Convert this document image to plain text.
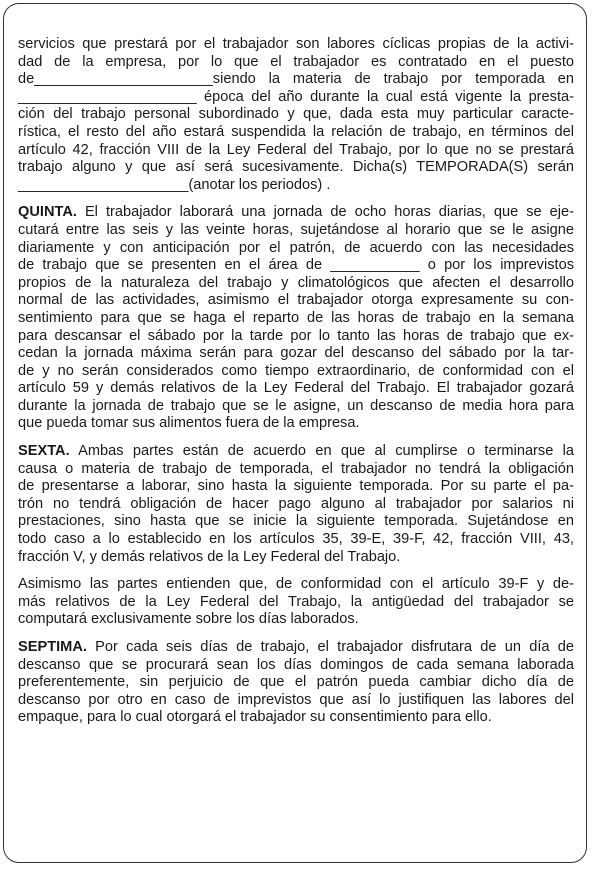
servicios que prestará por el trabajador son labores cíclicas propias de la activi-
dad de la empresa, por lo que el trabajador es contratado en el puesto
de______________________siendo la materia de trabajo por temporada en
______________________ época del año durante la cual está vigente la presta-
ción del trabajo personal subordinado y que, dada esta muy particular caracte-
rística, el resto del año estará suspendida la relación de trabajo, en términos del
artículo 42, fracción VIII de la Ley Federal del Trabajo, por lo que no se prestará
trabajo alguno y que así será sucesivamente. Dicha(s) TEMPORADA(S) serán
_____________________(anotar los periodos) .
QUINTA. El trabajador laborará una jornada de ocho horas diarias, que se eje-
cutará entre las seis y las veinte horas, sujetándose al horario que se le asigne
diariamente y con anticipación por el patrón, de acuerdo con las necesidades
de trabajo que se presenten en el área de ___________ o por los imprevistos
propios de la naturaleza del trabajo y climatológicos que afecten el desarrollo
normal de las actividades, asimismo el trabajador otorga expresamente su con-
sentimiento para que se haga el reparto de las horas de trabajo en la semana
para descansar el sábado por la tarde por lo tanto las horas de trabajo que ex-
cedan la jornada máxima serán para gozar del descanso del sábado por la tar-
de y no serán considerados como tiempo extraordinario, de conformidad con el
artículo 59 y demás relativos de la Ley Federal del Trabajo. El trabajador gozará
durante la jornada de trabajo que se le asigne, un descanso de media hora para
que pueda tomar sus alimentos fuera de la empresa.
SEXTA. Ambas partes están de acuerdo en que al cumplirse o terminarse la
causa o materia de trabajo de temporada, el trabajador no tendrá la obligación
de presentarse a laborar, sino hasta la siguiente temporada. Por su parte el pa-
trón no tendrá obligación de hacer pago alguno al trabajador por salarios ni
prestaciones, sino hasta que se inicie la siguiente temporada. Sujetándose en
todo caso a lo establecido en los artículos 35, 39-E, 39-F, 42, fracción VIII, 43,
fracción V, y demás relativos de la Ley Federal del Trabajo.
Asimismo las partes entienden que, de conformidad con el artículo 39-F y de-
más relativos de la Ley Federal del Trabajo, la antigüedad del trabajador se
computará exclusivamente sobre los días laborados.
SEPTIMA. Por cada seis días de trabajo, el trabajador disfrutara de un día de
descanso que se procurará sean los días domingos de cada semana laborada
preferentemente, sin perjuicio de que el patrón pueda cambiar dicho día de
descanso por otro en caso de imprevistos que así lo justifiquen las labores del
empaque, para lo cual otorgará el trabajador su consentimiento para ello.
